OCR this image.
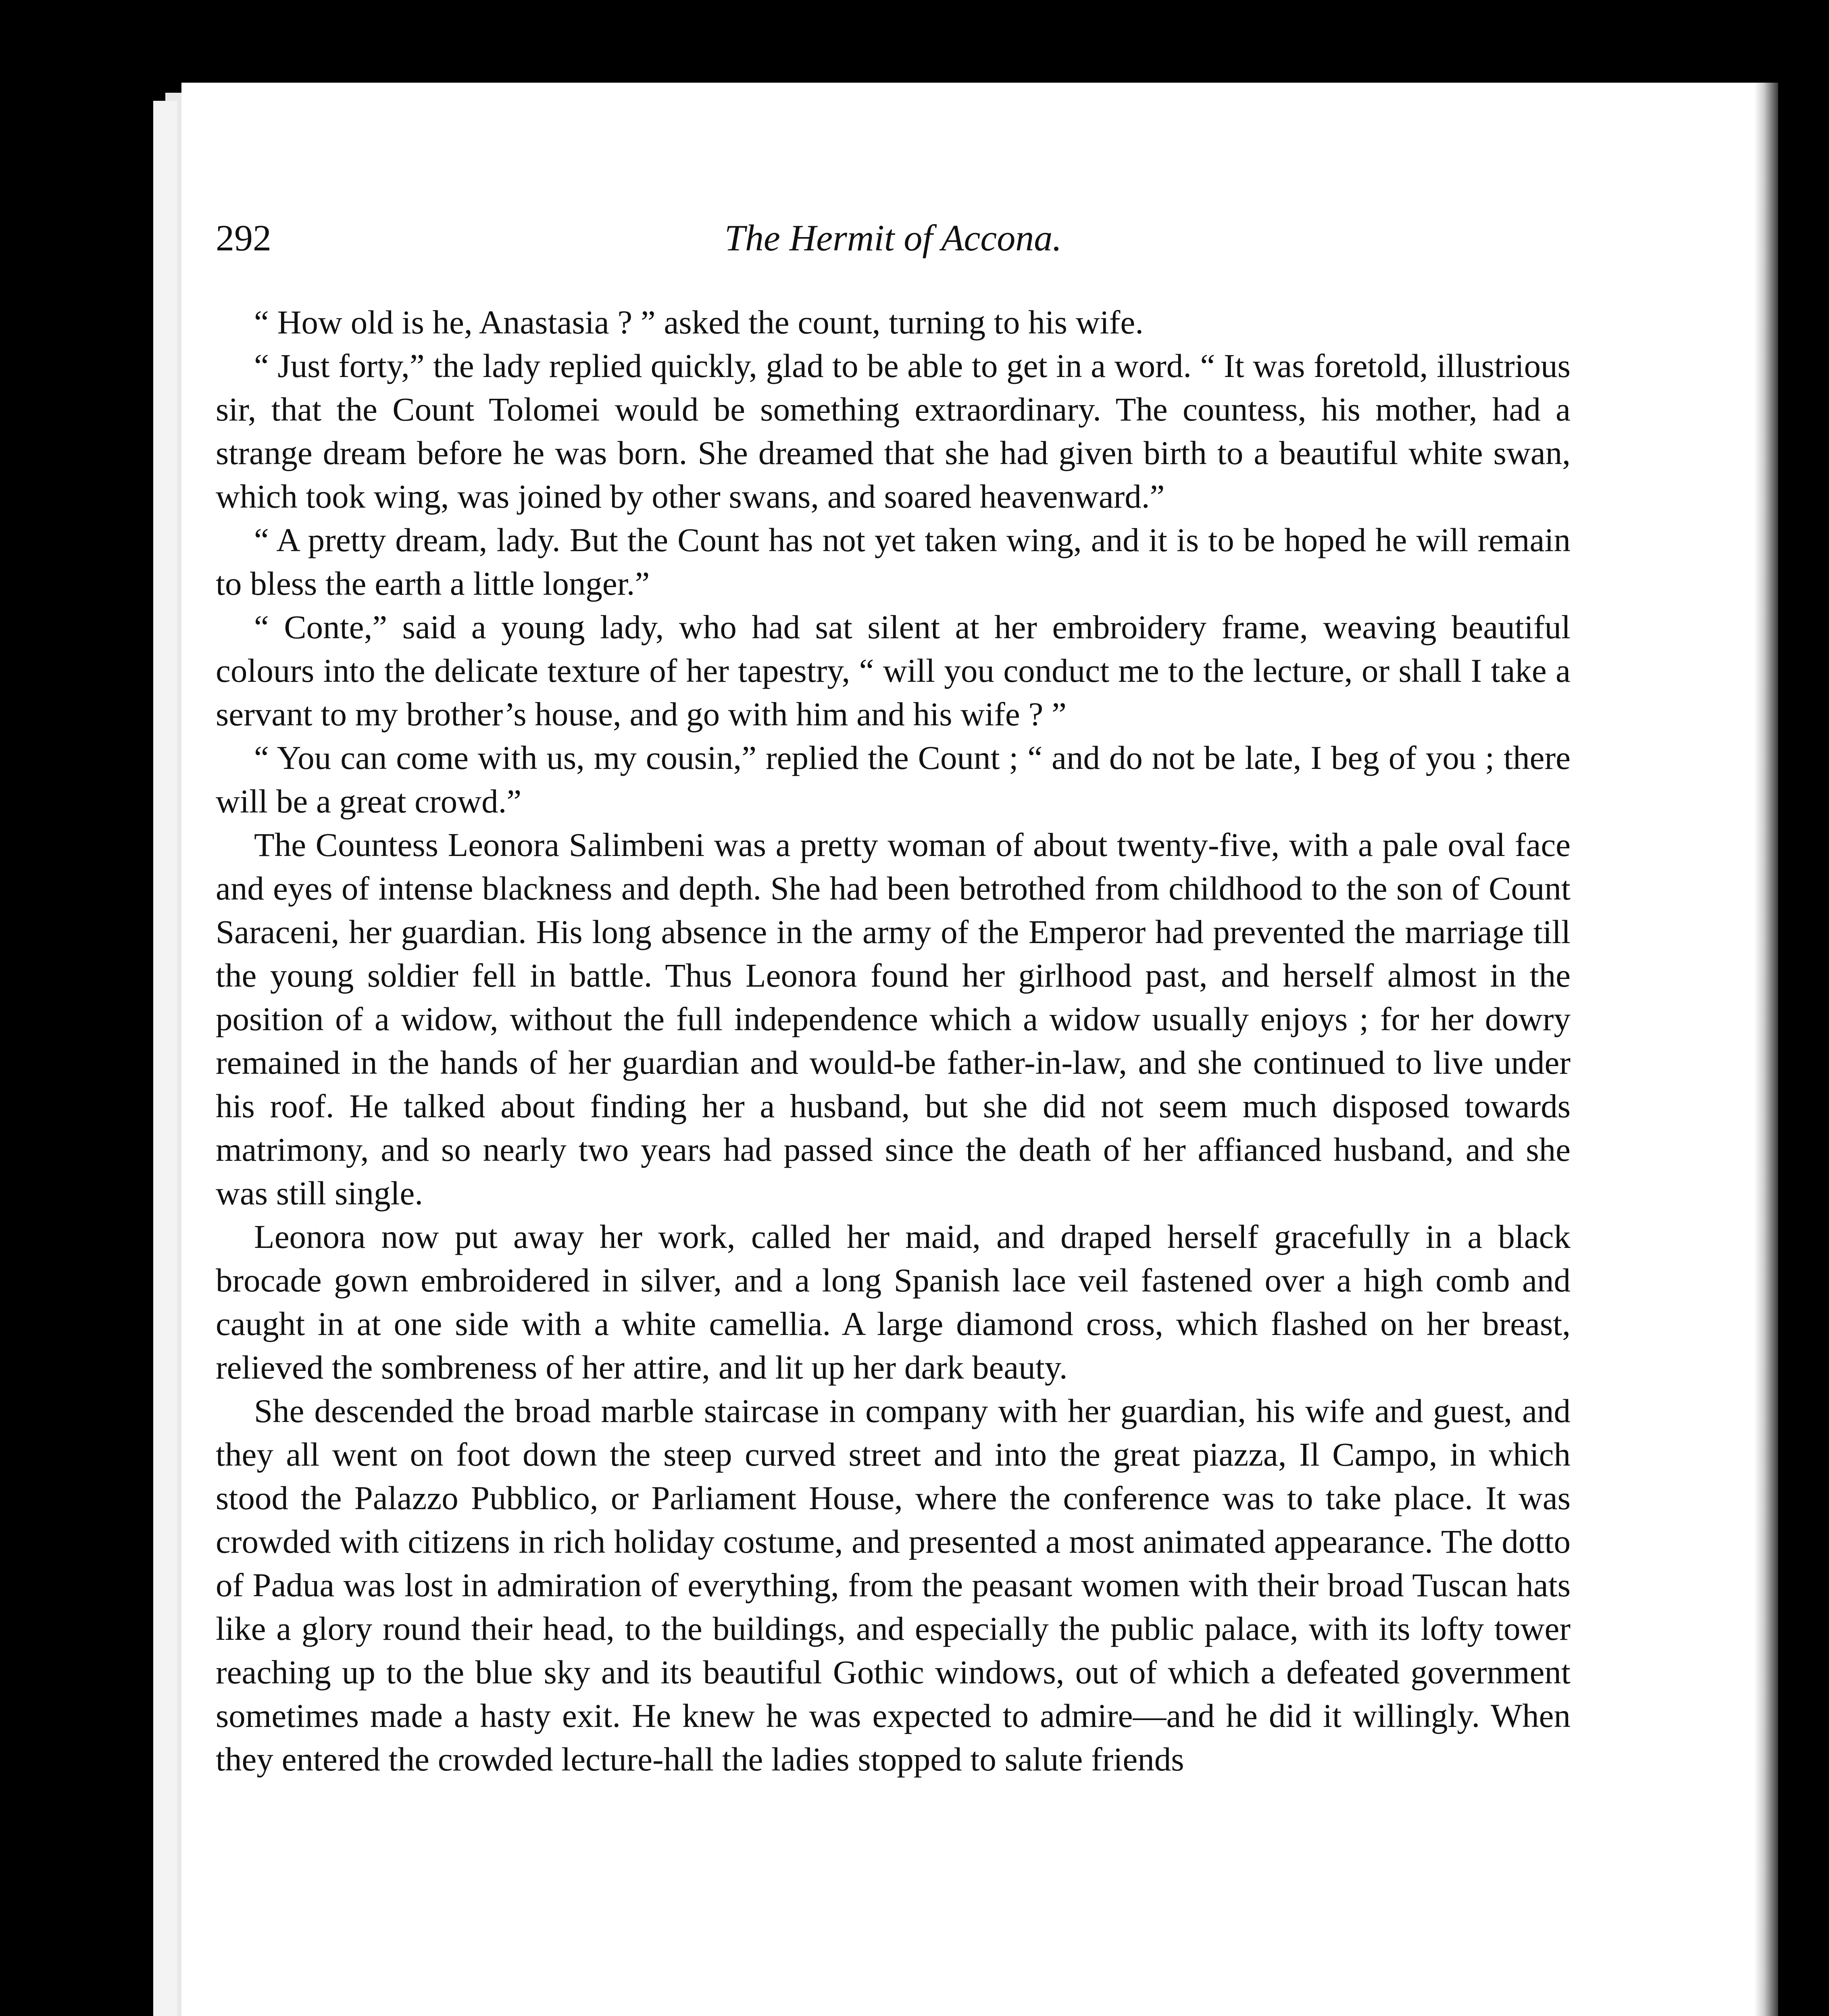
292	The Hermit of Accona.

“ How old is he, Anastasia ? ” asked the count, turning to his wife.

“ Just forty,” the lady replied quickly, glad to be able to get in a word. “ It was foretold, illustrious sir, that the Count Tolomei would be something extraordinary. The countess, his mother, had a strange dream before he was born. She dreamed that she had given birth to a beautiful white swan, which took wing, was joined by other swans, and soared heavenward.”

“ A pretty dream, lady. But the Count has not yet taken wing, and it is to be hoped he will remain to bless the earth a little longer.”

“ Conte,” said a young lady, who had sat silent at her embroidery frame, weaving beautiful colours into the delicate texture of her tapestry, “ will you conduct me to the lecture, or shall I take a servant to my brother’s house, and go with him and his wife ? ”

“ You can come with us, my cousin,” replied the Count ; “ and do not be late, I beg of you ; there will be a great crowd.”

The Countess Leonora Salimbeni was a pretty woman of about twenty-five, with a pale oval face and eyes of intense blackness and depth. She had been betrothed from childhood to the son of Count Saraceni, her guardian. His long absence in the army of the Emperor had prevented the marriage till the young soldier fell in battle. Thus Leonora found her girlhood past, and herself almost in the position of a widow, without the full independence which a widow usually enjoys ; for her dowry remained in the hands of her guardian and would-be father-in-law, and she continued to live under his roof. He talked about finding her a husband, but she did not seem much disposed towards matrimony, and so nearly two years had passed since the death of her affianced husband, and she was still single.

Leonora now put away her work, called her maid, and draped herself gracefully in a black brocade gown embroidered in silver, and a long Spanish lace veil fastened over a high comb and caught in at one side with a white camellia. A large diamond cross, which flashed on her breast, relieved the sombreness of her attire, and lit up her dark beauty.

She descended the broad marble staircase in company with her guardian, his wife and guest, and they all went on foot down the steep curved street and into the great piazza, Il Campo, in which stood the Palazzo Pubblico, or Parliament House, where the conference was to take place. It was crowded with citizens in rich holiday costume, and presented a most animated appearance. The dotto of Padua was lost in admiration of everything, from the peasant women with their broad Tuscan hats like a glory round their head, to the buildings, and especially the public palace, with its lofty tower reaching up to the blue sky and its beautiful Gothic windows, out of which a defeated government sometimes made a hasty exit. He knew he was expected to admire—and he did it willingly. When they entered the crowded lecture-hall the ladies stopped to salute friends
